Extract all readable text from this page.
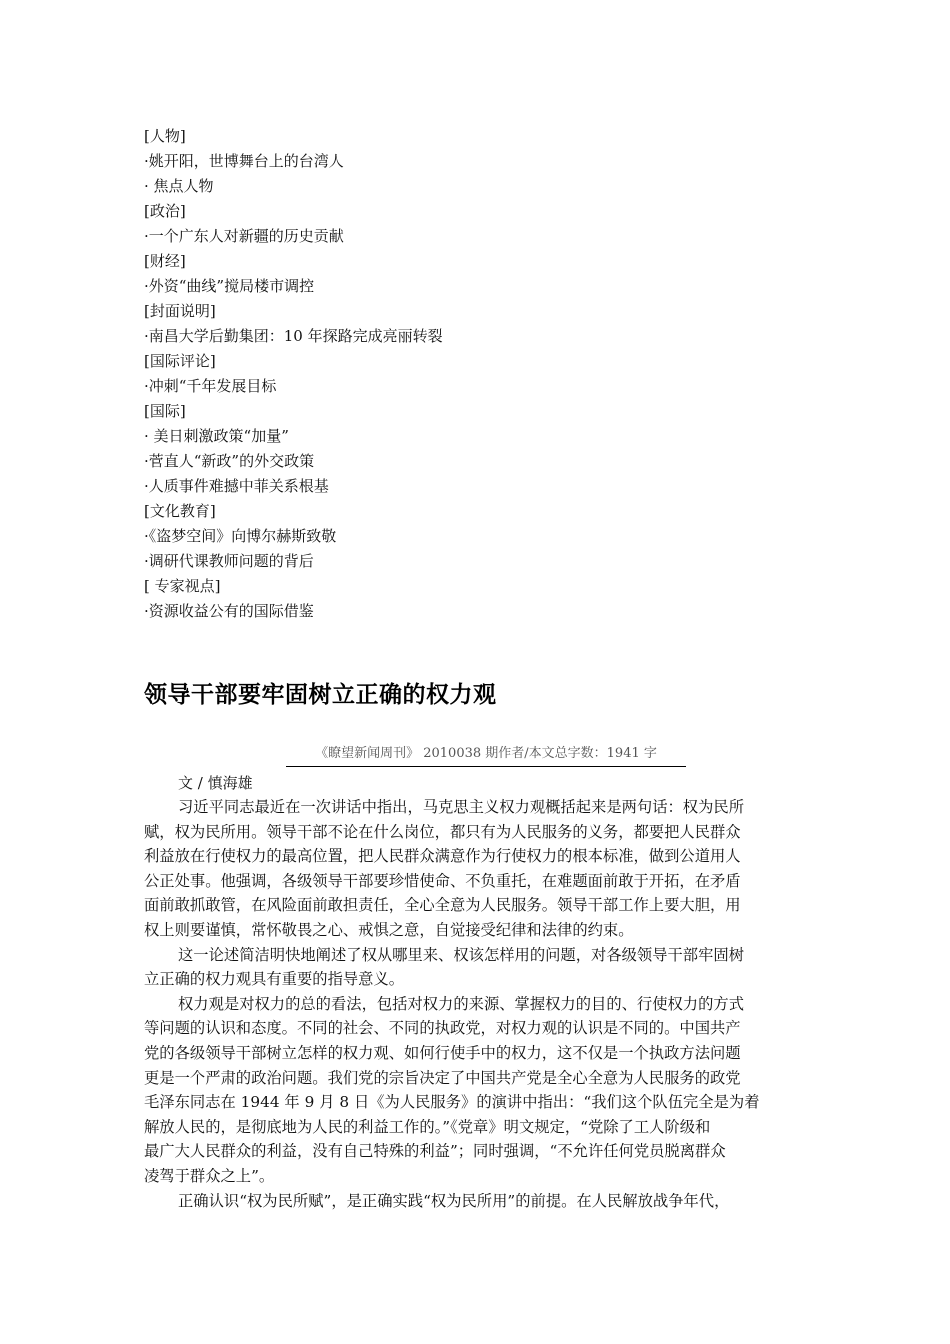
[人物]
·姚开阳，世博舞台上的台湾人
· 焦点人物
[政治]
·一个广东人对新疆的历史贡献
[财经]
·外资“曲线”搅局楼市调控
[封面说明]
·南昌大学后勤集团：10 年探路完成亮丽转裂
[国际评论]
·冲刺“千年发展目标
[国际]
· 美日刺激政策“加量”
·菅直人“新政”的外交政策
·人质事件难撼中菲关系根基
[文化教育]
·《盗梦空间》向博尔赫斯致敬
·调研代课教师问题的背后
[ 专家视点]
·资源收益公有的国际借鉴
领导干部要牢固树立正确的权力观
《瞭望新闻周刊》 2010038 期作者/本文总字数：1941 字
文 / 慎海雄
习近平同志最近在一次讲话中指出，马克思主义权力观概括起来是两句话：权为民所
赋，权为民所用。领导干部不论在什么岗位，都只有为人民服务的义务，都要把人民群众
利益放在行使权力的最高位置，把人民群众满意作为行使权力的根本标准，做到公道用人
公正处事。他强调，各级领导干部要珍惜使命、不负重托，在难题面前敢于开拓，在矛盾
面前敢抓敢管，在风险面前敢担责任，全心全意为人民服务。领导干部工作上要大胆，用
权上则要谨慎，常怀敬畏之心、戒惧之意，自觉接受纪律和法律的约束。
这一论述简洁明快地阐述了权从哪里来、权该怎样用的问题，对各级领导干部牢固树
立正确的权力观具有重要的指导意义。
权力观是对权力的总的看法，包括对权力的来源、掌握权力的目的、行使权力的方式
等问题的认识和态度。不同的社会、不同的执政党，对权力观的认识是不同的。中国共产
党的各级领导干部树立怎样的权力观、如何行使手中的权力，这不仅是一个执政方法问题
更是一个严肃的政治问题。我们党的宗旨决定了中国共产党是全心全意为人民服务的政党
毛泽东同志在 1944 年 9 月 8 日《为人民服务》的演讲中指出：“我们这个队伍完全是为着
解放人民的，是彻底地为人民的利益工作的。”《党章》明文规定，“党除了工人阶级和
最广大人民群众的利益，没有自己特殊的利益”；同时强调，“不允许任何党员脱离群众
凌驾于群众之上”。
正确认识“权为民所赋”，是正确实践“权为民所用”的前提。在人民解放战争年代，
